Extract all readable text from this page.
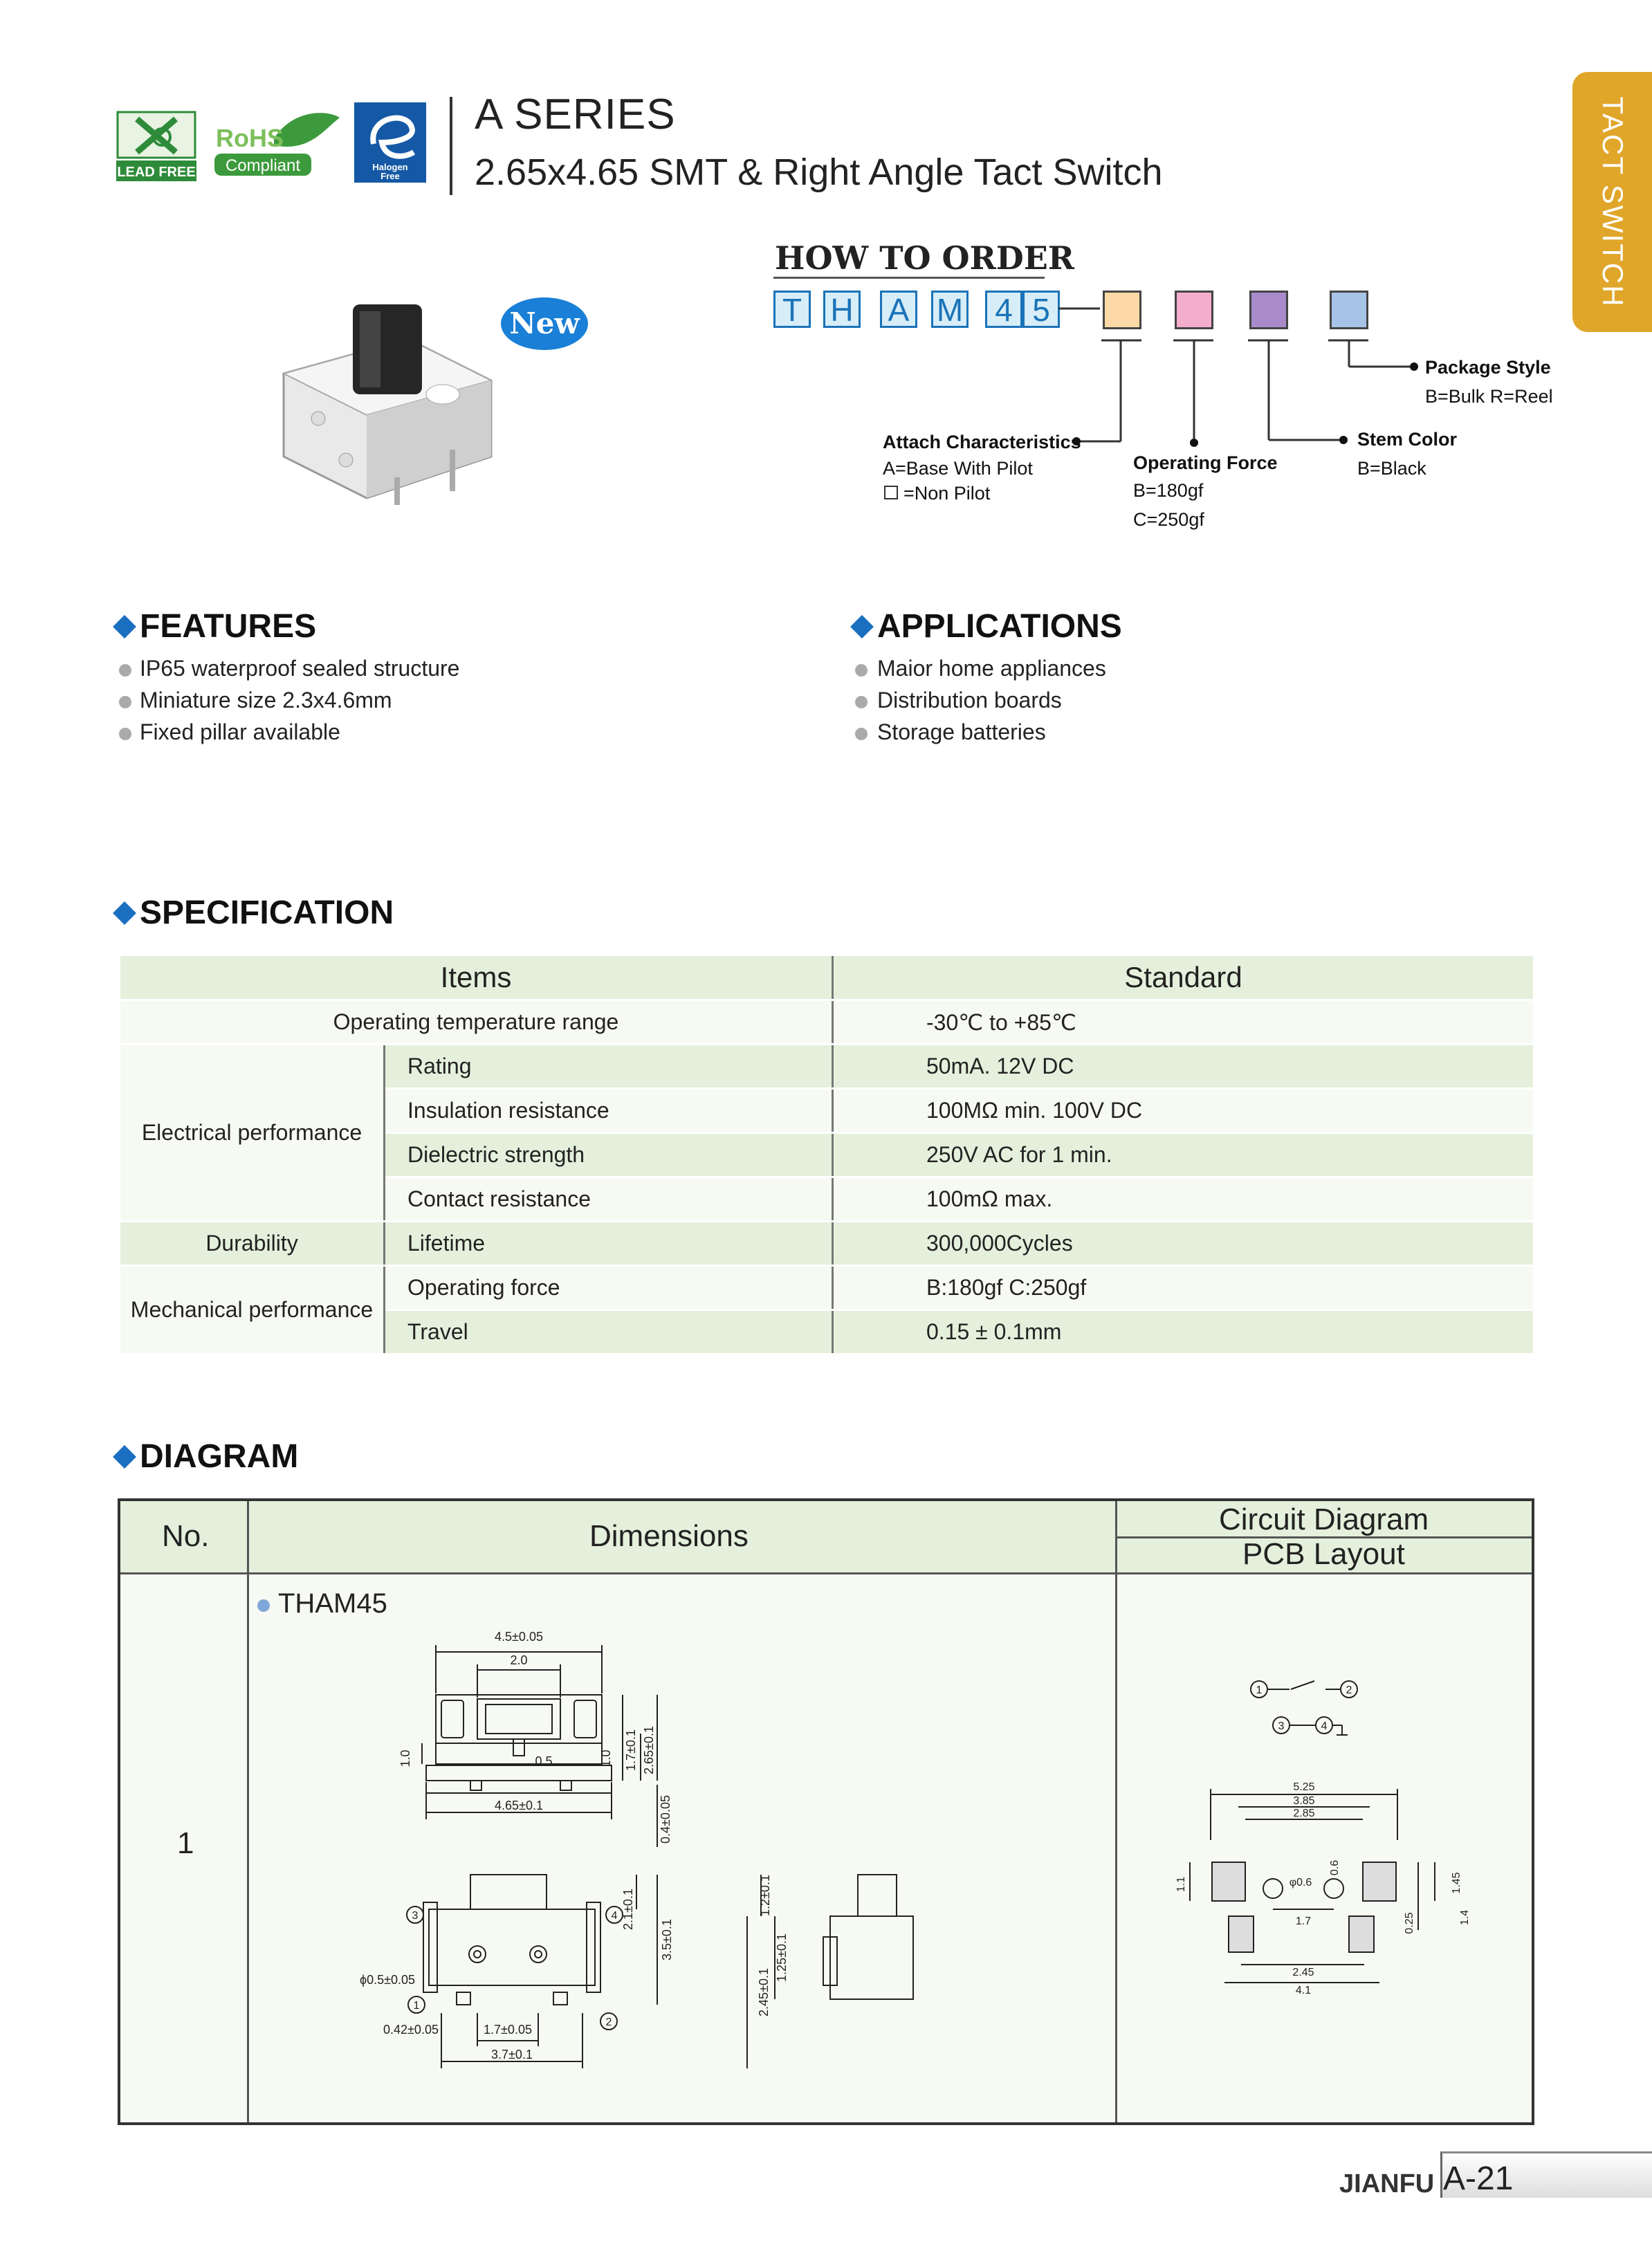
LEAD FREE
RoHS
Compliant	Halogen
Free
A SERIES
2.65x4.65 SMT & Right Angle Tact Switch	TACT SWITCH
New
HOW TO ORDER
T H A M	4 5
Attach Characteristics
A=Base With Pilot
=Non Pilot
Operating Force
B=180gf
C=250gf
Stem Color
B=Black
Package Style
B=Bulk R=Reel
FEATURES
IP65 waterproof sealed structure
Miniature size 2.3x4.6mm
Fixed pillar available
APPLICATIONS
Maior home appliances
Distribution boards
Storage batteries
SPECIFICATION
Items		Standard
Operating temperature range		-30℃ to +85℃
Electrical performance	Rating	50mA. 12V DC
	Insulation resistance	100MΩ min. 100V DC
	Dielectric strength	250V AC for 1 min.
	Contact resistance	100mΩ max.
Durability	Lifetime	300,000Cycles
Mechanical performance	Operating force	B:180gf C:250gf
	Travel	0.15 ± 0.1mm
DIAGRAM
No.	Dimensions	Circuit Diagram
PCB Layout
1
THAM45
4.5±0.05
2.0
0.5
4.65±0.1
1.0	1.0 1.7±0.1 2.65±0.1
0.4±0.05
ϕ0.5±0.05
1.7±0.05
0.42±0.05
3.7±0.1
2.1±0.1
3.5±0.1
1.2±0.1
1.25±0.1
2.45±0.1
3	4
1
2
1	2
3	4
5.25
3.85
2.85
φ0.6
1.7
2.45
4.1
1.1
0.6
0.25	1.4
1.45
JIANFU A-21
